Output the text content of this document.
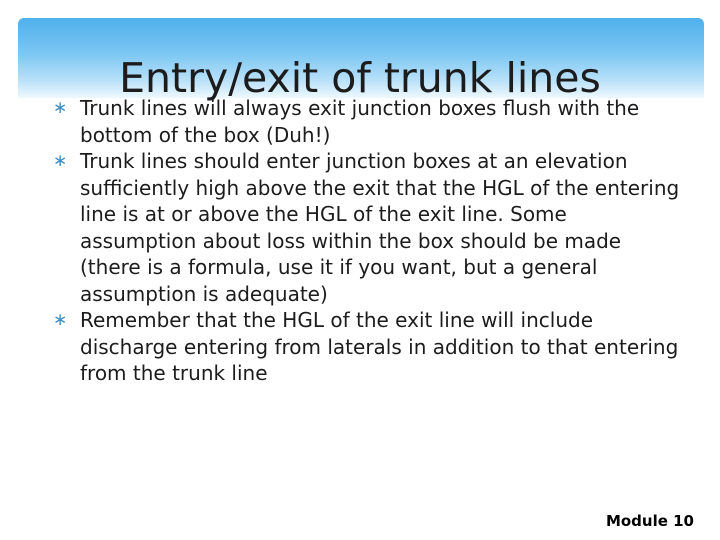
Entry/exit of trunk lines
∗ Trunk lines will always exit junction boxes flush with the bottom of the box (Duh!)
∗ Trunk lines should enter junction boxes at an elevation sufficiently high above the exit that the HGL of the entering line is at or above the HGL of the exit line. Some assumption about loss within the box should be made (there is a formula, use it if you want, but a general assumption is adequate)
∗ Remember that the HGL of the exit line will include discharge entering from laterals in addition to that entering from the trunk line
Module 10
